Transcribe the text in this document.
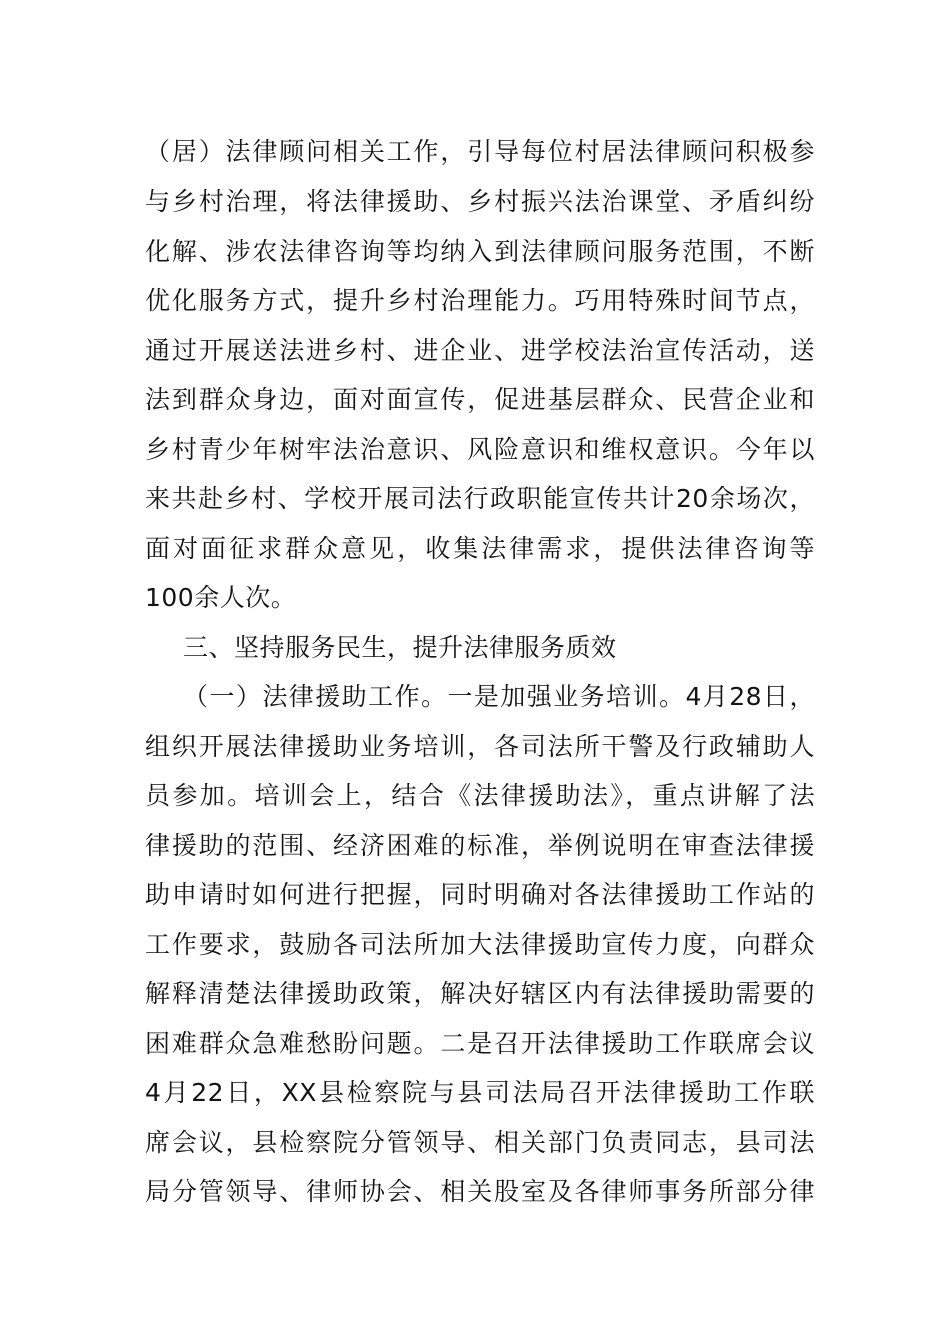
（居）法律顾问相关工作，引导每位村居法律顾问积极参
与乡村治理，将法律援助、乡村振兴法治课堂、矛盾纠纷
化解、涉农法律咨询等均纳入到法律顾问服务范围，不断
优化服务方式，提升乡村治理能力。巧用特殊时间节点，
通过开展送法进乡村、进企业、进学校法治宣传活动，送
法到群众身边，面对面宣传，促进基层群众、民营企业和
乡村青少年树牢法治意识、风险意识和维权意识。今年以
来共赴乡村、学校开展司法行政职能宣传共计20余场次，
面对面征求群众意见，收集法律需求，提供法律咨询等
100余人次。
三、坚持服务民生，提升法律服务质效
（一）法律援助工作。一是加强业务培训。4月28日，
组织开展法律援助业务培训，各司法所干警及行政辅助人
员参加。培训会上，结合《法律援助法》，重点讲解了法
律援助的范围、经济困难的标准，举例说明在审查法律援
助申请时如何进行把握，同时明确对各法律援助工作站的
工作要求，鼓励各司法所加大法律援助宣传力度，向群众
解释清楚法律援助政策，解决好辖区内有法律援助需要的
困难群众急难愁盼问题。二是召开法律援助工作联席会议
4月22日，XX县检察院与县司法局召开法律援助工作联
席会议，县检察院分管领导、相关部门负责同志，县司法
局分管领导、律师协会、相关股室及各律师事务所部分律
